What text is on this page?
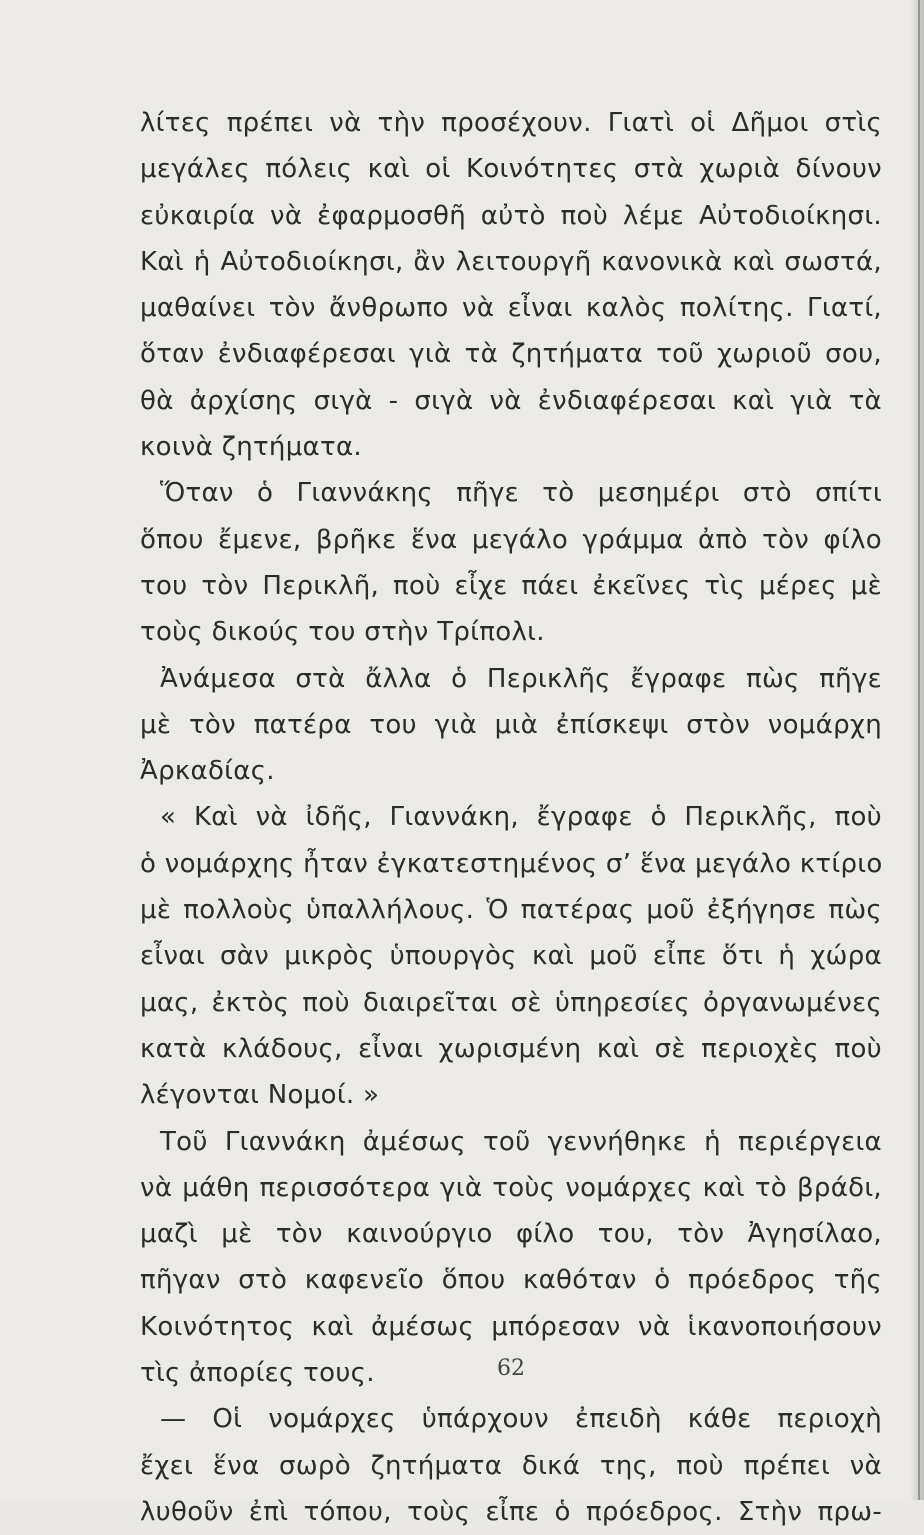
λίτες πρέπει νὰ τὴν προσέχουν. Γιατὶ οἱ Δῆμοι στὶς
μεγάλες πόλεις καὶ οἱ Κοινότητες στὰ χωριὰ δίνουν
εὐκαιρία νὰ ἐφαρμοσθῆ αὐτὸ ποὺ λέμε Αὐτοδιοίκησι.
Καὶ ἡ Αὐτοδιοίκησι, ἂν λειτουργῆ κανονικὰ καὶ σωστά,
μαθαίνει τὸν ἄνθρωπο νὰ εἶναι καλὸς πολίτης. Γιατί,
ὅταν ἐνδιαφέρεσαι γιὰ τὰ ζητήματα τοῦ χωριοῦ σου,
θὰ ἀρχίσης σιγὰ - σιγὰ νὰ ἐνδιαφέρεσαι καὶ γιὰ τὰ
κοινὰ ζητήματα.
Ὅταν ὁ Γιαννάκης πῆγε τὸ μεσημέρι στὸ σπίτι
ὅπου ἔμενε, βρῆκε ἕνα μεγάλο γράμμα ἀπὸ τὸν φίλο
του τὸν Περικλῆ, ποὺ εἶχε πάει ἐκεῖνες τὶς μέρες μὲ
τοὺς δικούς του στὴν Τρίπολι.
Ἀνάμεσα στὰ ἄλλα ὁ Περικλῆς ἔγραφε πὼς πῆγε
μὲ τὸν πατέρα του γιὰ μιὰ ἐπίσκεψι στὸν νομάρχη
Ἀρκαδίας.
« Καὶ νὰ ἰδῆς, Γιαννάκη, ἔγραφε ὁ Περικλῆς, ποὺ
ὁ νομάρχης ἦταν ἐγκατεστημένος σ’ ἕνα μεγάλο κτίριο
μὲ πολλοὺς ὑπαλλήλους. Ὁ πατέρας μοῦ ἐξήγησε πὼς
εἶναι σὰν μικρὸς ὑπουργὸς καὶ μοῦ εἶπε ὅτι ἡ χώρα
μας, ἐκτὸς ποὺ διαιρεῖται σὲ ὑπηρεσίες ὀργανωμένες
κατὰ κλάδους, εἶναι χωρισμένη καὶ σὲ περιοχὲς ποὺ
λέγονται Νομοί. »
Τοῦ Γιαννάκη ἀμέσως τοῦ γεννήθηκε ἡ περιέργεια
νὰ μάθη περισσότερα γιὰ τοὺς νομάρχες καὶ τὸ βράδι,
μαζὶ μὲ τὸν καινούργιο φίλο του, τὸν Ἀγησίλαο,
πῆγαν στὸ καφενεῖο ὅπου καθόταν ὁ πρόεδρος τῆς
Κοινότητος καὶ ἀμέσως μπόρεσαν νὰ ἱκανοποιήσουν
τὶς ἀπορίες τους.
— Οἱ νομάρχες ὑπάρχουν ἐπειδὴ κάθε περιοχὴ
ἔχει ἕνα σωρὸ ζητήματα δικά της, ποὺ πρέπει νὰ
λυθοῦν ἐπὶ τόπου, τοὺς εἶπε ὁ πρόεδρος. Στὴν πρω-
62
